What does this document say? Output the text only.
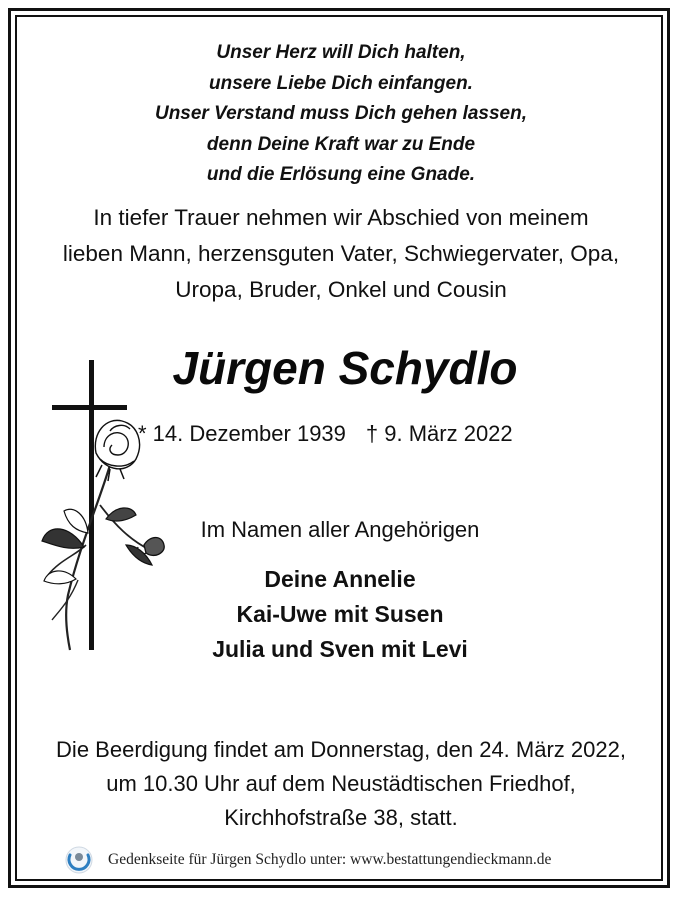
Unser Herz will Dich halten,
unsere Liebe Dich einfangen.
Unser Verstand muss Dich gehen lassen,
denn Deine Kraft war zu Ende
und die Erlösung eine Gnade.
In tiefer Trauer nehmen wir Abschied von meinem
lieben Mann, herzensguten Vater, Schwiegervater, Opa,
Uropa, Bruder, Onkel und Cousin
Jürgen Schydlo
* 14. Dezember 1939 † 9. März 2022
Im Namen aller Angehörigen
Deine Annelie
Kai-Uwe mit Susen
Julia und Sven mit Levi
Die Beerdigung findet am Donnerstag, den 24. März 2022,
um 10.30 Uhr auf dem Neustädtischen Friedhof,
Kirchhofstraße 38, statt.
Gedenkseite für Jürgen Schydlo unter: www.bestattungendieckmann.de
